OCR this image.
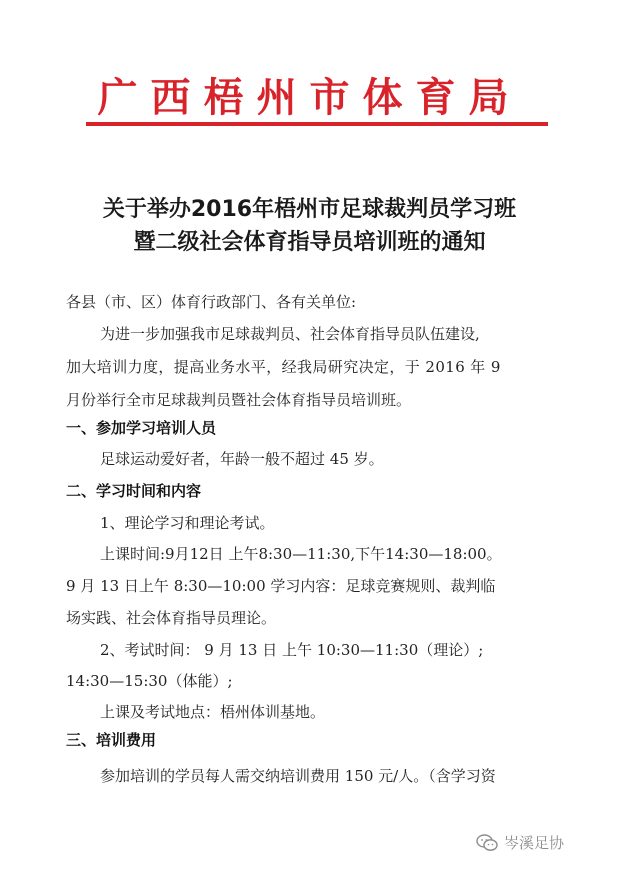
广西梧州市体育局
关于举办2016年梧州市足球裁判员学习班
暨二级社会体育指导员培训班的通知
各县（市、区）体育行政部门、各有关单位:
为进一步加强我市足球裁判员、社会体育指导员队伍建设,
加大培训力度，提高业务水平，经我局研究决定，于 2016 年 9
月份举行全市足球裁判员暨社会体育指导员培训班。
一、参加学习培训人员
足球运动爱好者，年龄一般不超过 45 岁。
二、学习时间和内容
1、理论学习和理论考试。
上课时间:9月12日 上午8:30—11:30,下午14:30—18:00。
9 月 13 日上午 8:30—10:00 学习内容：足球竞赛规则、裁判临
场实践、社会体育指导员理论。
2、考试时间： 9 月 13 日 上午 10:30—11:30（理论）;
14:30—15:30（体能）;
上课及考试地点：梧州体训基地。
三、培训费用
参加培训的学员每人需交纳培训费用 150 元/人。（含学习资
岑溪足协
